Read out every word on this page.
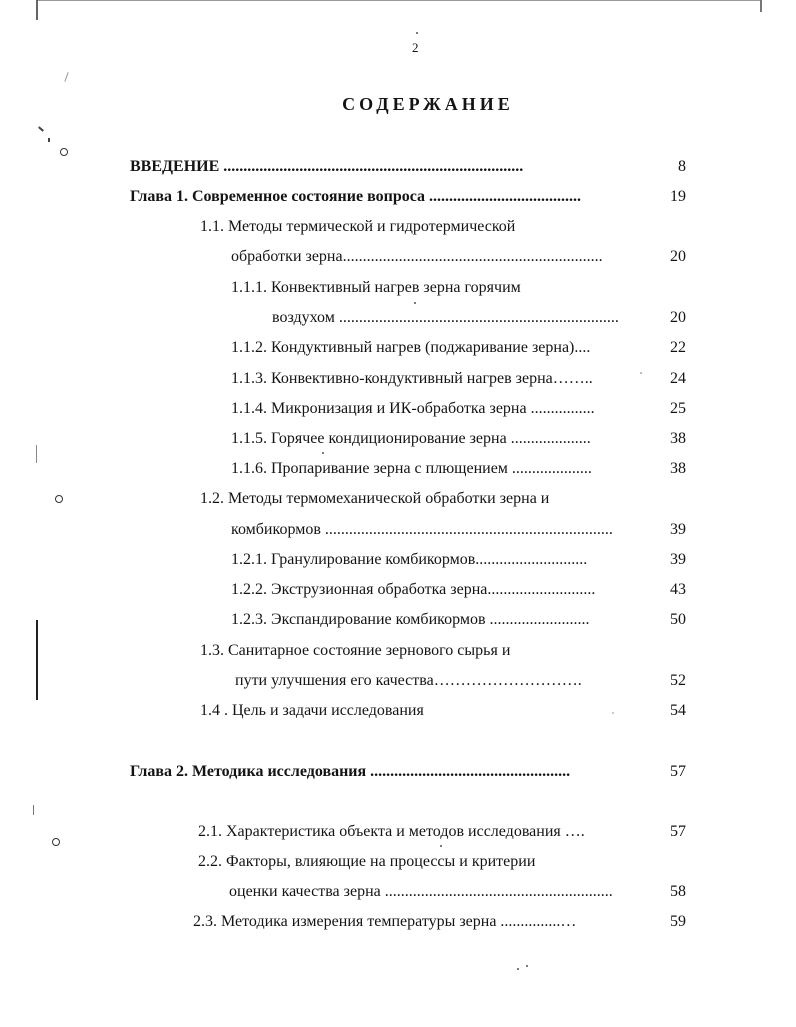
2
СОДЕРЖАНИЕ
ВВЕДЕНИЕ ...........................................................................	8
Глава 1. Современное состояние вопроса ......................................	19
1.1. Методы термической и гидротермической
обработки зерна.................................................................	20
1.1.1. Конвективный нагрев зерна горячим
воздухом ......................................................................	20
1.1.2. Кондуктивный нагрев (поджаривание зерна)....	22
1.1.3. Конвективно-кондуктивный нагрев зерна……..	24
1.1.4. Микронизация и ИК-обработка зерна ................	25
1.1.5. Горячее кондиционирование зерна ....................	38
1.1.6. Пропаривание зерна с плющением ....................	38
1.2. Методы термомеханической обработки зерна и
комбикормов ........................................................................	39
1.2.1. Гранулирование комбикормов............................	39
1.2.2. Экструзионная обработка зерна...........................	43
1.2.3. Экспандирование комбикормов .........................	50
1.3. Санитарное состояние зернового сырья и
пути улучшения его качества……………………….	52
1.4 . Цель и задачи исследования	54
Глава 2. Методика исследования ..................................................	57
2.1. Характеристика объекта и методов исследования ….	57
2.2. Факторы, влияющие на процессы и критерии
оценки качества зерна .........................................................	58
2.3. Методика измерения температуры зерна ...............…	59
